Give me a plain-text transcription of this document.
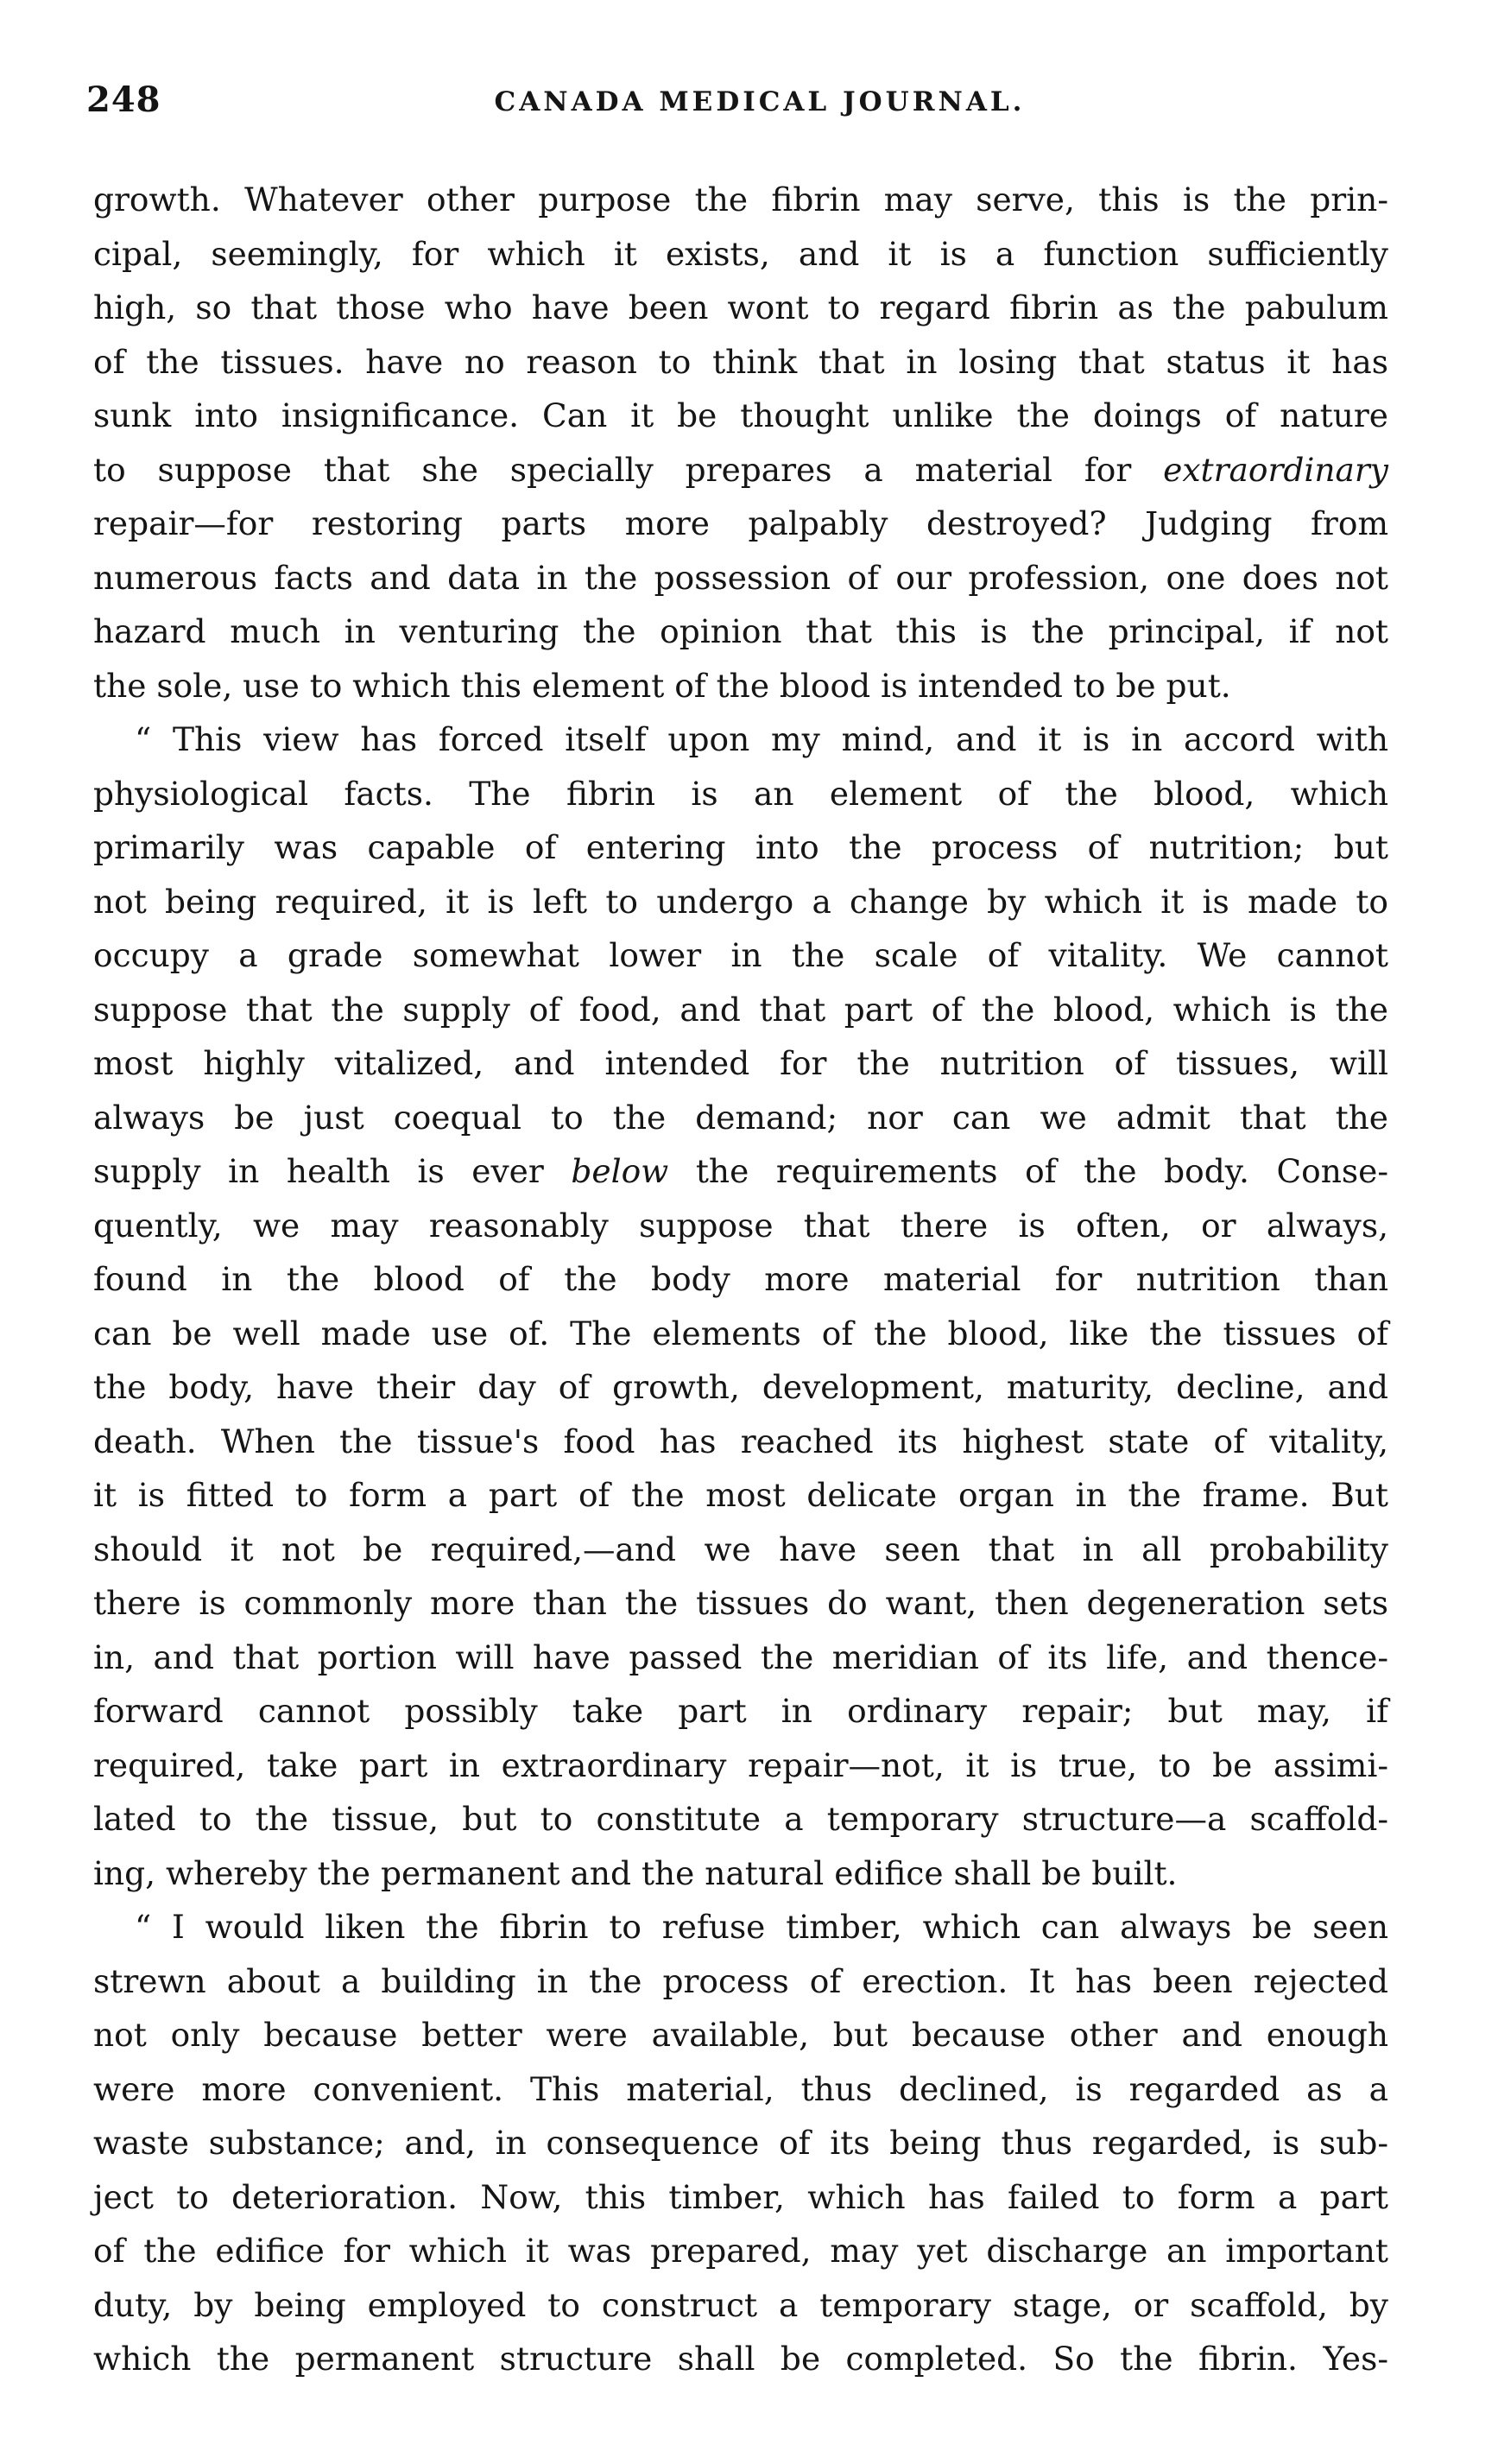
248	CANADA MEDICAL JOURNAL.

growth. Whatever other purpose the fibrin may serve, this is the prin-

cipal, seemingly, for which it exists, and it is a function sufficiently

high, so that those who have been wont to regard fibrin as the pabulum

of the tissues. have no reason to think that in losing that status it has

sunk into insignificance. Can it be thought unlike the doings of nature

to suppose that she specially prepares a material for extraordinary

repair—for restoring parts more palpably destroyed? Judging from

numerous facts and data in the possession of our profession, one does not

hazard much in venturing the opinion that this is the principal, if not

the sole, use to which this element of the blood is intended to be put.

“ This view has forced itself upon my mind, and it is in accord with

physiological facts. The fibrin is an element of the blood, which

primarily was capable of entering into the process of nutrition; but

not being required, it is left to undergo a change by which it is made to

occupy a grade somewhat lower in the scale of vitality. We cannot

suppose that the supply of food, and that part of the blood, which is the

most highly vitalized, and intended for the nutrition of tissues, will

always be just coequal to the demand; nor can we admit that the

supply in health is ever below the requirements of the body. Conse-

quently, we may reasonably suppose that there is often, or always,

found in the blood of the body more material for nutrition than

can be well made use of. The elements of the blood, like the tissues of

the body, have their day of growth, development, maturity, decline, and

death. When the tissue's food has reached its highest state of vitality,

it is fitted to form a part of the most delicate organ in the frame. But

should it not be required,—and we have seen that in all probability

there is commonly more than the tissues do want, then degeneration sets

in, and that portion will have passed the meridian of its life, and thence-

forward cannot possibly take part in ordinary repair; but may, if

required, take part in extraordinary repair—not, it is true, to be assimi-

lated to the tissue, but to constitute a temporary structure—a scaffold-

ing, whereby the permanent and the natural edifice shall be built.

“ I would liken the fibrin to refuse timber, which can always be seen

strewn about a building in the process of erection. It has been rejected

not only because better were available, but because other and enough

were more convenient. This material, thus declined, is regarded as a

waste substance; and, in consequence of its being thus regarded, is sub-

ject to deterioration. Now, this timber, which has failed to form a part

of the edifice for which it was prepared, may yet discharge an important

duty, by being employed to construct a temporary stage, or scaffold, by

which the permanent structure shall be completed. So the fibrin. Yes-
